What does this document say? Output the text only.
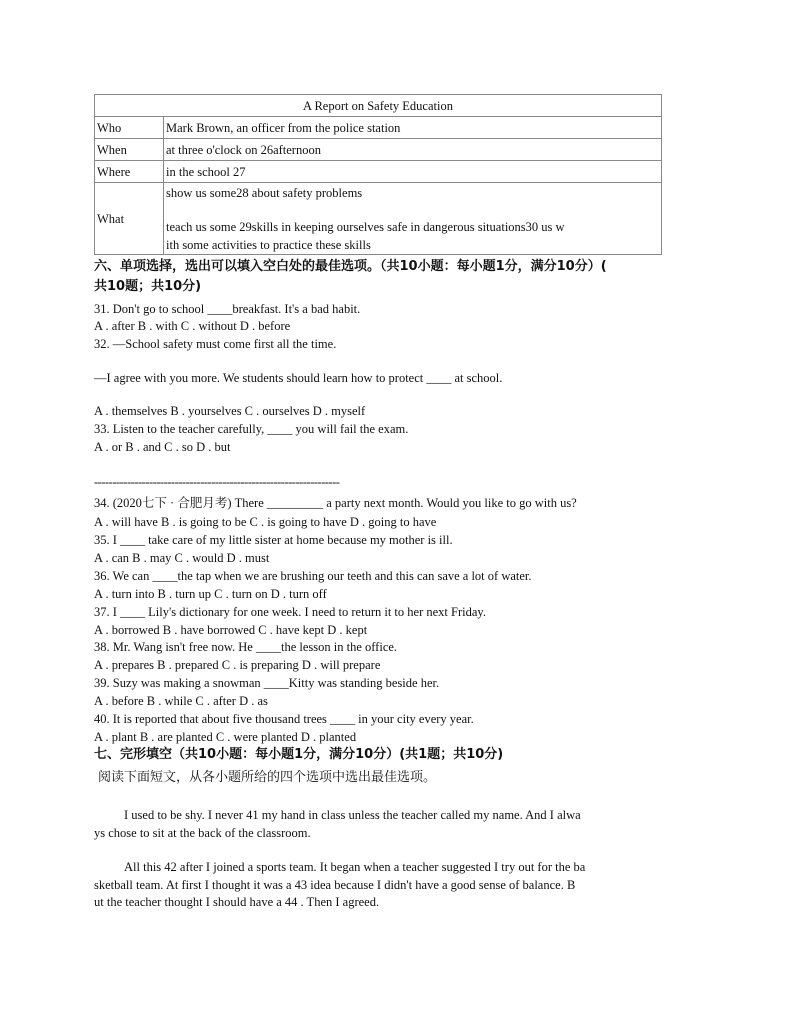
A Report on Safety Education	
Who	Mark Brown, an officer from the police station
When	at three o'clock on 26afternoon
Where	in the school 27
What	show us some28 about safety problems
teach us some 29skills in keeping ourselves safe in dangerous situations30 us w
ith some activities to practice these skills
六、单项选择，选出可以填入空白处的最佳选项。（共10小题：每小题1分，满分10分）(
共10题；共10分)
31. Don't go to school ____breakfast. It's a bad habit.
A . after B . with C . without D . before
32. —School safety must come first all the time.
—I agree with you more. We students should learn how to protect ____ at school.
A . themselves B . yourselves C . ourselves D . myself
33. Listen to the teacher carefully, ____ you will fail the exam.
A . or B . and C . so D . but
-------------------------------------------------------------------
34. (2020七下 · 合肥月考) There _________ a party next month. Would you like to go with us?
A . will have B . is going to be C . is going to have D . going to have
35. I ____ take care of my little sister at home because my mother is ill.
A . can B . may C . would D . must
36. We can ____the tap when we are brushing our teeth and this can save a lot of water.
A . turn into B . turn up C . turn on D . turn off
37. I ____ Lily's dictionary for one week. I need to return it to her next Friday.
A . borrowed B . have borrowed C . have kept D . kept
38. Mr. Wang isn't free now. He ____the lesson in the office.
A . prepares B . prepared C . is preparing D . will prepare
39. Suzy was making a snowman ____Kitty was standing beside her.
A . before B . while C . after D . as
40. It is reported that about five thousand trees ____ in your city every year.
A . plant B . are planted C . were planted D . planted
七、完形填空（共10小题：每小题1分，满分10分）(共1题；共10分)
阅读下面短文，从各小题所给的四个选项中选出最佳选项。
I used to be shy. I never 41 my hand in class unless the teacher called my name. And I alwa
ys chose to sit at the back of the classroom.
All this 42 after I joined a sports team. It began when a teacher suggested I try out for the ba
sketball team. At first I thought it was a 43 idea because I didn't have a good sense of balance. B
ut the teacher thought I should have a 44 . Then I agreed.
